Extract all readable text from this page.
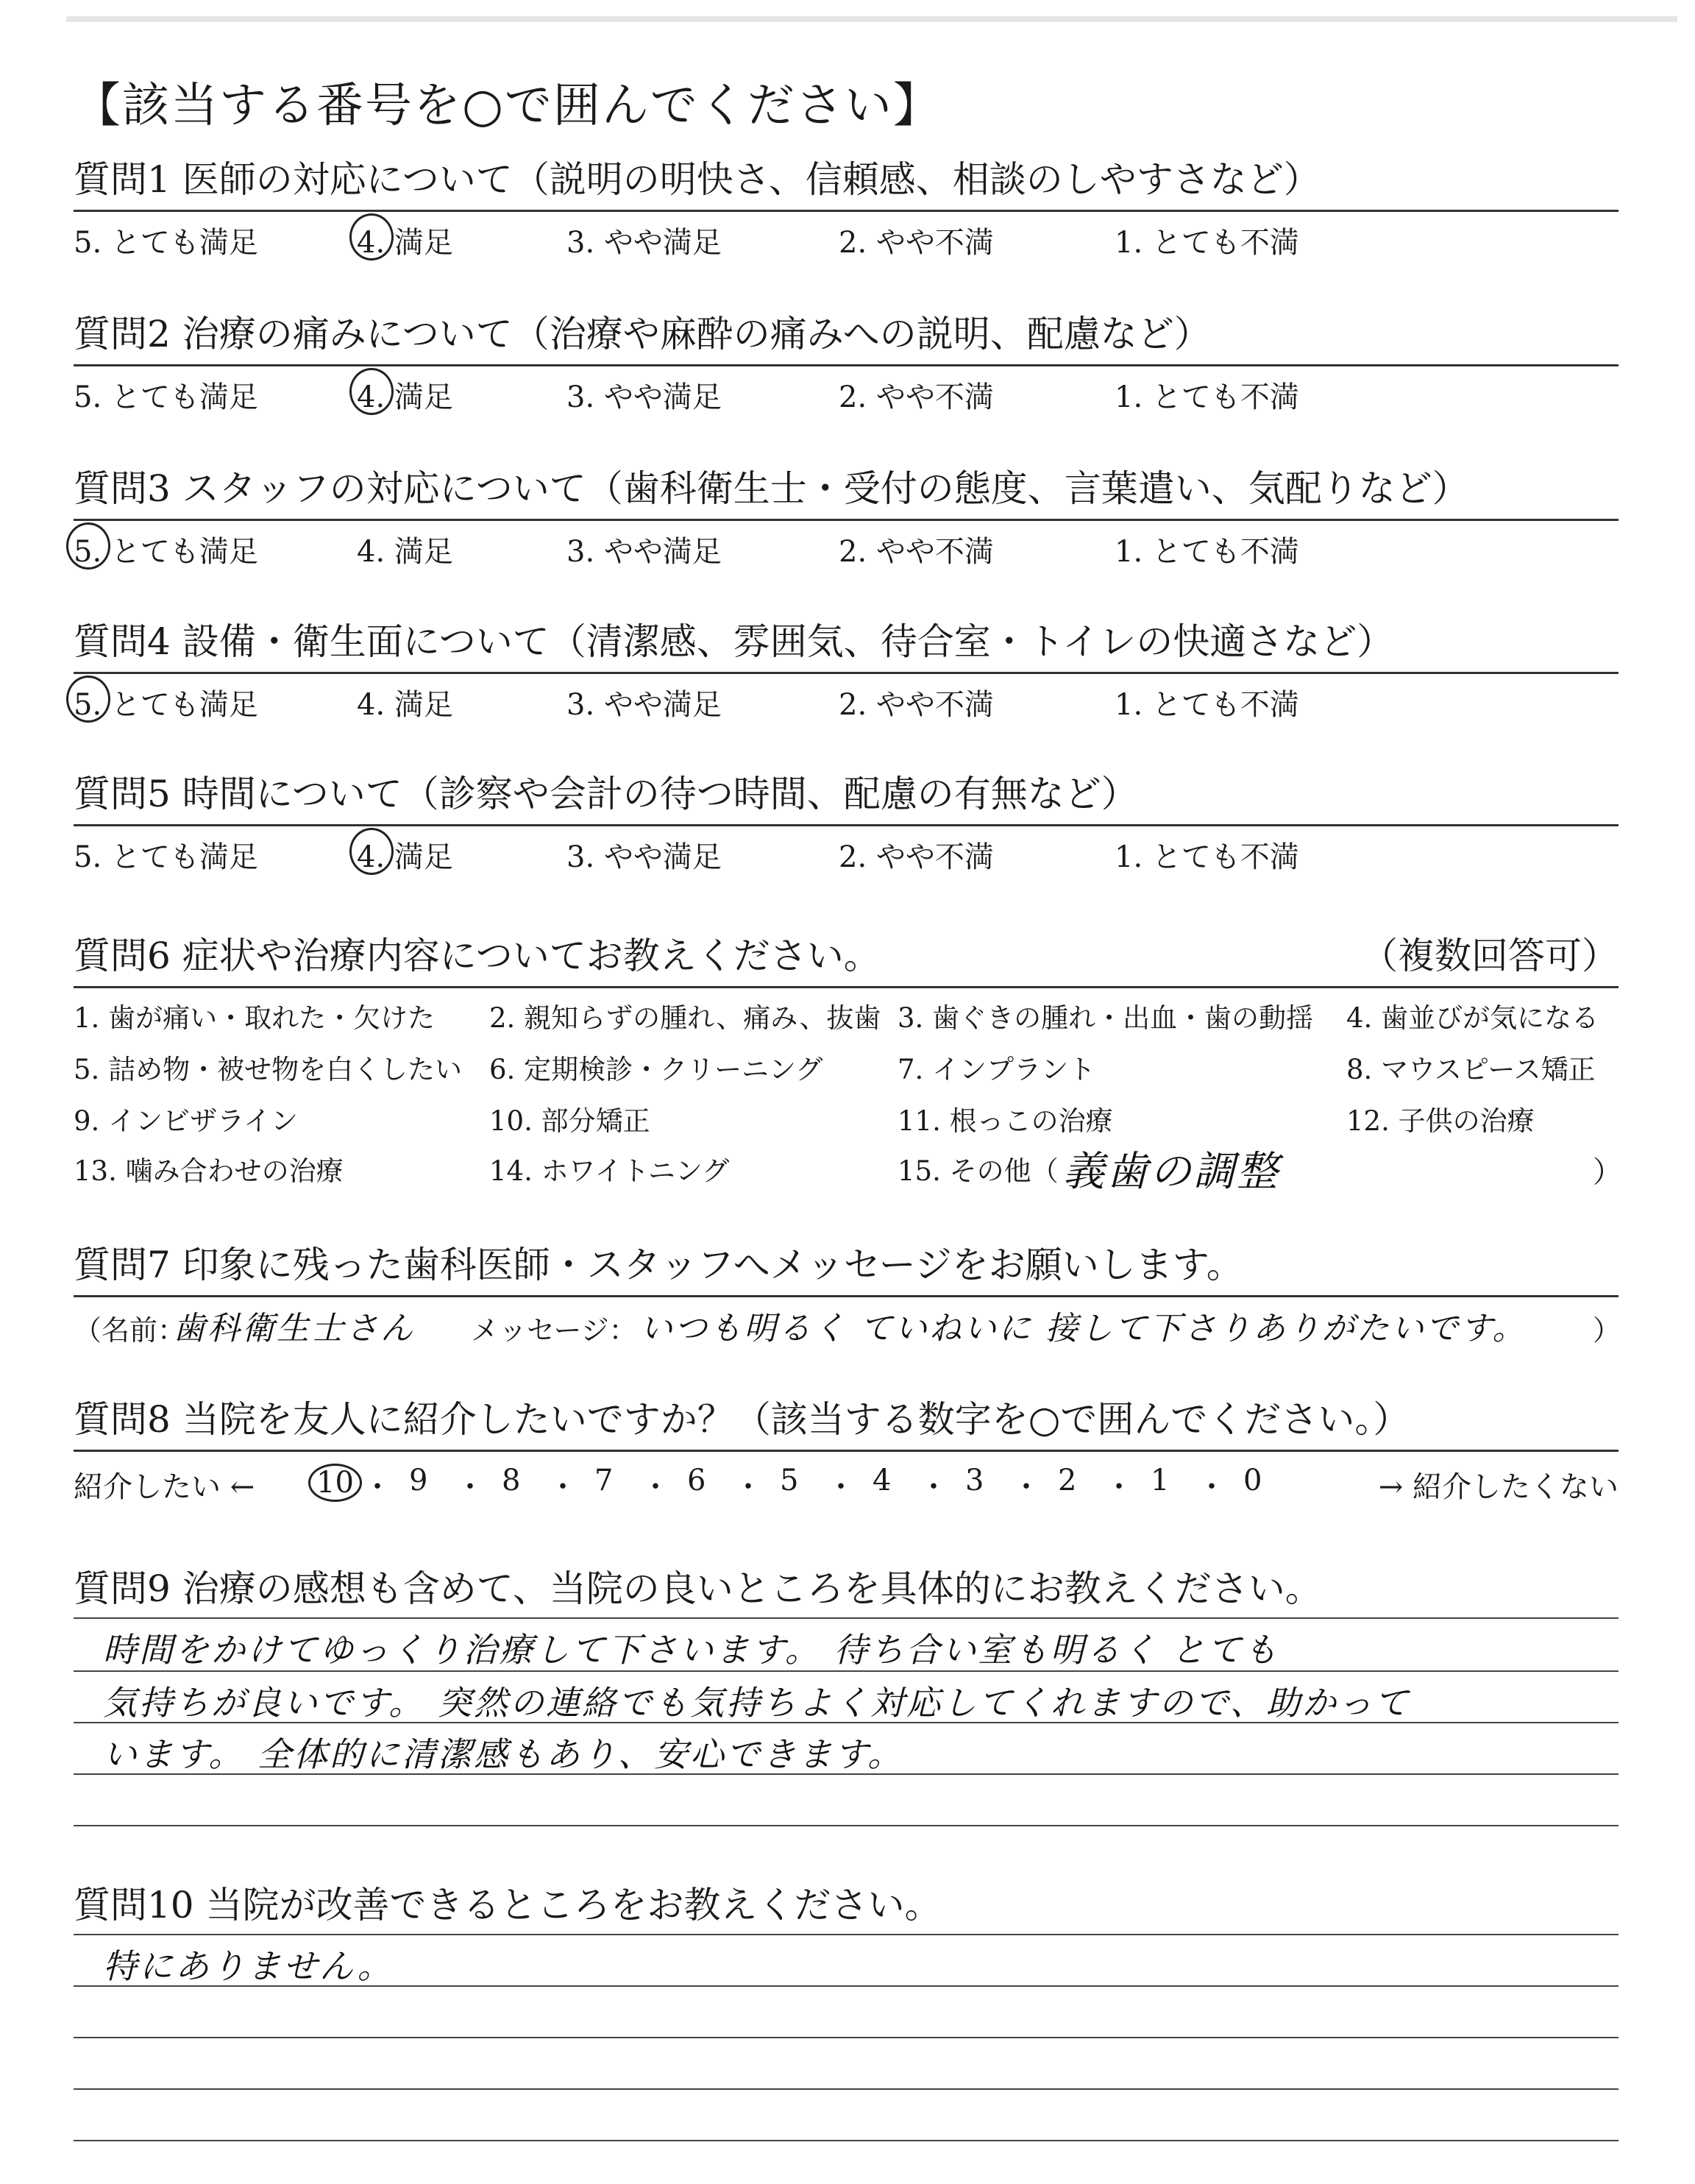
【該当する番号を○で囲んでください】
質問1 医師の対応について（説明の明快さ、信頼感、相談のしやすさなど）
5. とても満足	4. 満足	3. やや満足	2. やや不満	1. とても不満
質問2 治療の痛みについて（治療や麻酔の痛みへの説明、配慮など）
5. とても満足	4. 満足	3. やや満足	2. やや不満	1. とても不満
質問3 スタッフの対応について（歯科衛生士・受付の態度、言葉遣い、気配りなど）
5. とても満足	4. 満足	3. やや満足	2. やや不満	1. とても不満
質問4 設備・衛生面について（清潔感、雰囲気、待合室・トイレの快適さなど）
5. とても満足	4. 満足	3. やや満足	2. やや不満	1. とても不満
質問5 時間について（診察や会計の待つ時間、配慮の有無など）
5. とても満足	4. 満足	3. やや満足	2. やや不満	1. とても不満
質問6 症状や治療内容についてお教えください。	（複数回答可）
）
義歯の調整
1. 歯が痛い・取れた・欠けた 2. 親知らずの腫れ、痛み、抜歯 3. 歯ぐきの腫れ・出血・歯の動揺 4. 歯並びが気になる
5. 詰め物・被せ物を白くしたい 6. 定期検診・クリーニング	7. インプラント	8. マウスピース矯正
9. インビザライン	10. 部分矯正	11. 根っこの治療	12. 子供の治療
13. 噛み合わせの治療	14. ホワイトニング	15. その他（
質問7 印象に残った歯科医師・スタッフへメッセージをお願いします。
（名前：
歯科衛生士さん メッセージ： いつも明るく ていねいに 接して下さりありがたいです。 ）
質問8 当院を友人に紹介したいですか？（該当する数字を○で囲んでください。）
紹介したい ←	→ 紹介したくない
10 ・ 9 ・ 8 ・ 7 ・ 6 ・ 5 ・ 4 ・ 3 ・ 2 ・ 1 ・ 0
質問9 治療の感想も含めて、当院の良いところを具体的にお教えください。
時間をかけてゆっくり治療して下さいます。 待ち合い室も明るく とても
気持ちが良いです。 突然の連絡でも気持ちよく対応してくれますので、助かって
います。 全体的に清潔感もあり、安心できます。
質問10 当院が改善できるところをお教えください。
特にありません。
